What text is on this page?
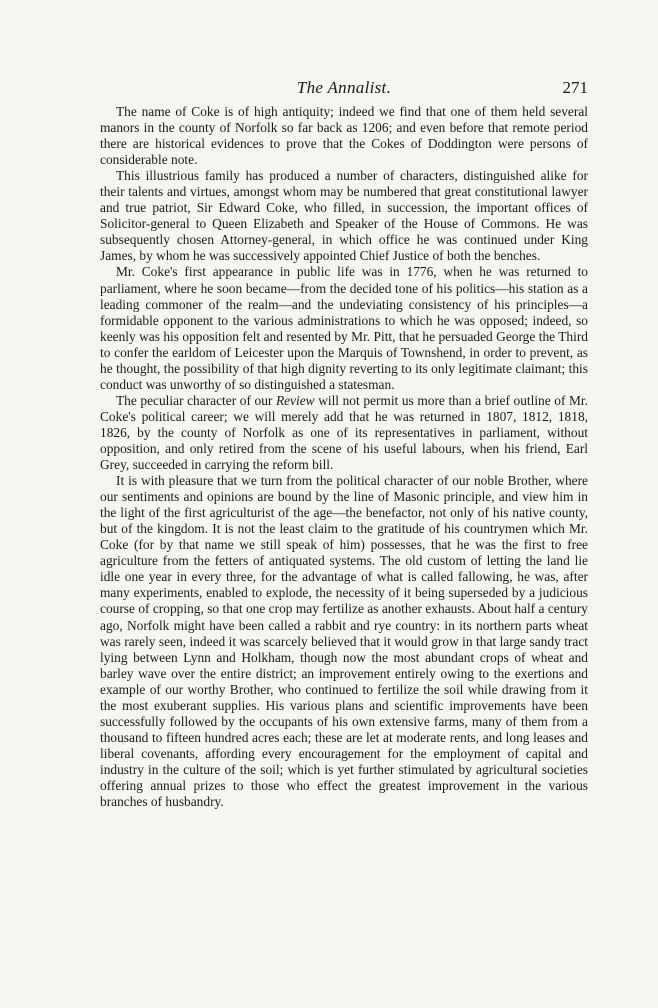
The Annalist.	271

The name of Coke is of high antiquity; indeed we find that one of them held several manors in the county of Norfolk so far back as 1206; and even before that remote period there are historical evidences to prove that the Cokes of Doddington were persons of considerable note.

This illustrious family has produced a number of characters, distinguished alike for their talents and virtues, amongst whom may be numbered that great constitutional lawyer and true patriot, Sir Edward Coke, who filled, in succession, the important offices of Solicitor-general to Queen Elizabeth and Speaker of the House of Commons. He was subsequently chosen Attorney-general, in which office he was continued under King James, by whom he was successively appointed Chief Justice of both the benches.

Mr. Coke's first appearance in public life was in 1776, when he was returned to parliament, where he soon became—from the decided tone of his politics—his station as a leading commoner of the realm—and the undeviating consistency of his principles—a formidable opponent to the various administrations to which he was opposed; indeed, so keenly was his opposition felt and resented by Mr. Pitt, that he persuaded George the Third to confer the earldom of Leicester upon the Marquis of Townshend, in order to prevent, as he thought, the possibility of that high dignity reverting to its only legitimate claimant; this conduct was unworthy of so distinguished a statesman.

The peculiar character of our Review will not permit us more than a brief outline of Mr. Coke's political career; we will merely add that he was returned in 1807, 1812, 1818, 1826, by the county of Norfolk as one of its representatives in parliament, without opposition, and only retired from the scene of his useful labours, when his friend, Earl Grey, succeeded in carrying the reform bill.

It is with pleasure that we turn from the political character of our noble Brother, where our sentiments and opinions are bound by the line of Masonic principle, and view him in the light of the first agriculturist of the age—the benefactor, not only of his native county, but of the kingdom. It is not the least claim to the gratitude of his countrymen which Mr. Coke (for by that name we still speak of him) possesses, that he was the first to free agriculture from the fetters of antiquated systems. The old custom of letting the land lie idle one year in every three, for the advantage of what is called fallowing, he was, after many experiments, enabled to explode, the necessity of it being superseded by a judicious course of cropping, so that one crop may fertilize as another exhausts. About half a century ago, Norfolk might have been called a rabbit and rye country: in its northern parts wheat was rarely seen, indeed it was scarcely believed that it would grow in that large sandy tract lying between Lynn and Holkham, though now the most abundant crops of wheat and barley wave over the entire district; an improvement entirely owing to the exertions and example of our worthy Brother, who continued to fertilize the soil while drawing from it the most exuberant supplies. His various plans and scientific improvements have been successfully followed by the occupants of his own extensive farms, many of them from a thousand to fifteen hundred acres each; these are let at moderate rents, and long leases and liberal covenants, affording every encouragement for the employment of capital and industry in the culture of the soil; which is yet further stimulated by agricultural societies offering annual prizes to those who effect the greatest improvement in the various branches of husbandry.
